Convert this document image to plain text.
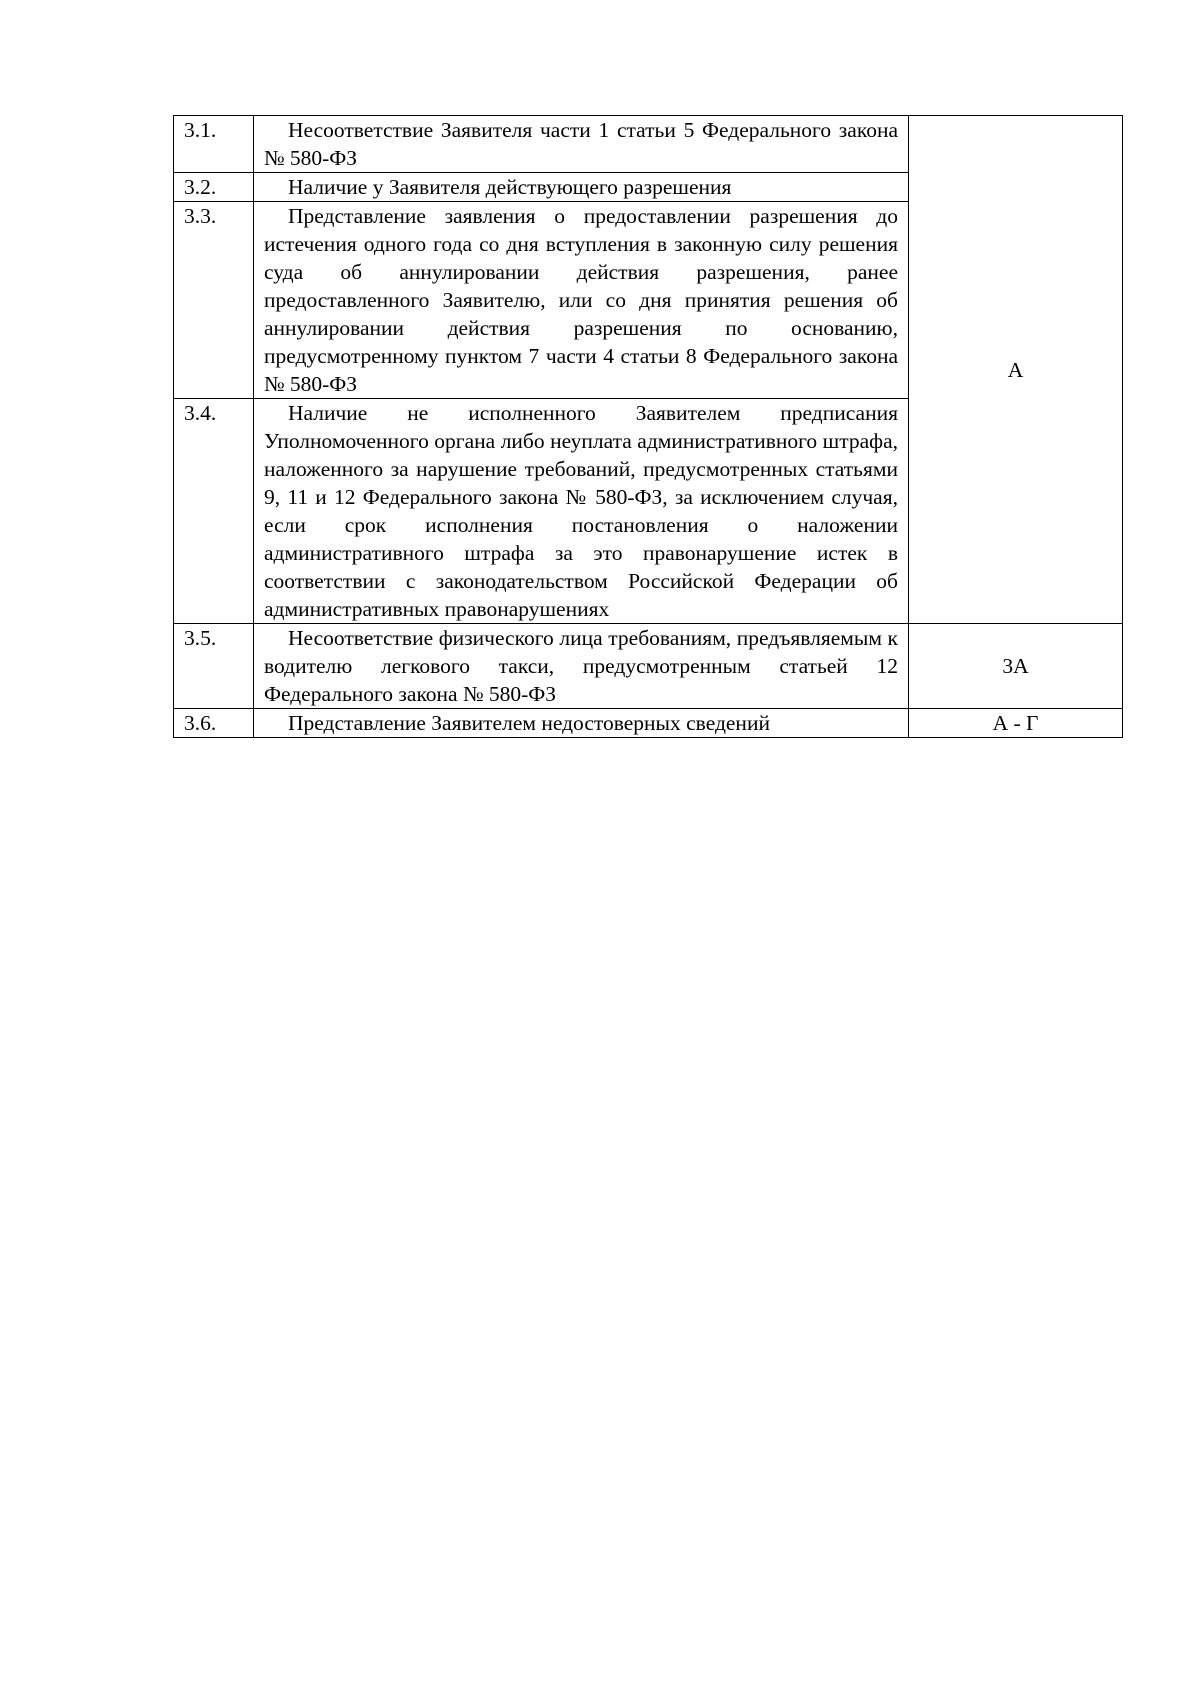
3.1.	Несоответствие Заявителя части 1 статьи 5 Федерального закона № 580-ФЗ	А
3.2.	Наличие у Заявителя действующего разрешения	

3.3.	Представление заявления о предоставлении разрешения до истечения одного года со дня вступления в законную силу решения суда об аннулировании действия разрешения, ранее предоставленного Заявителю, или со дня принятия решения об аннулировании действия разрешения по основанию, предусмотренному пунктом 7 части 4 статьи 8 Федерального закона № 580-ФЗ	

3.4.	Наличие не исполненного Заявителем предписания Уполномоченного органа либо неуплата административного штрафа, наложенного за нарушение требований, предусмотренных статьями 9, 11 и 12 Федерального закона № 580-ФЗ, за исключением случая, если срок исполнения постановления о наложении административного штрафа за это правонарушение истек в соответствии с законодательством Российской Федерации об административных правонарушениях	

3.5.	Несоответствие физического лица требованиям, предъявляемым к водителю легкового такси, предусмотренным статьей 12 Федерального закона № 580-ФЗ	3А
3.6.	Представление Заявителем недостоверных сведений	А - Г
